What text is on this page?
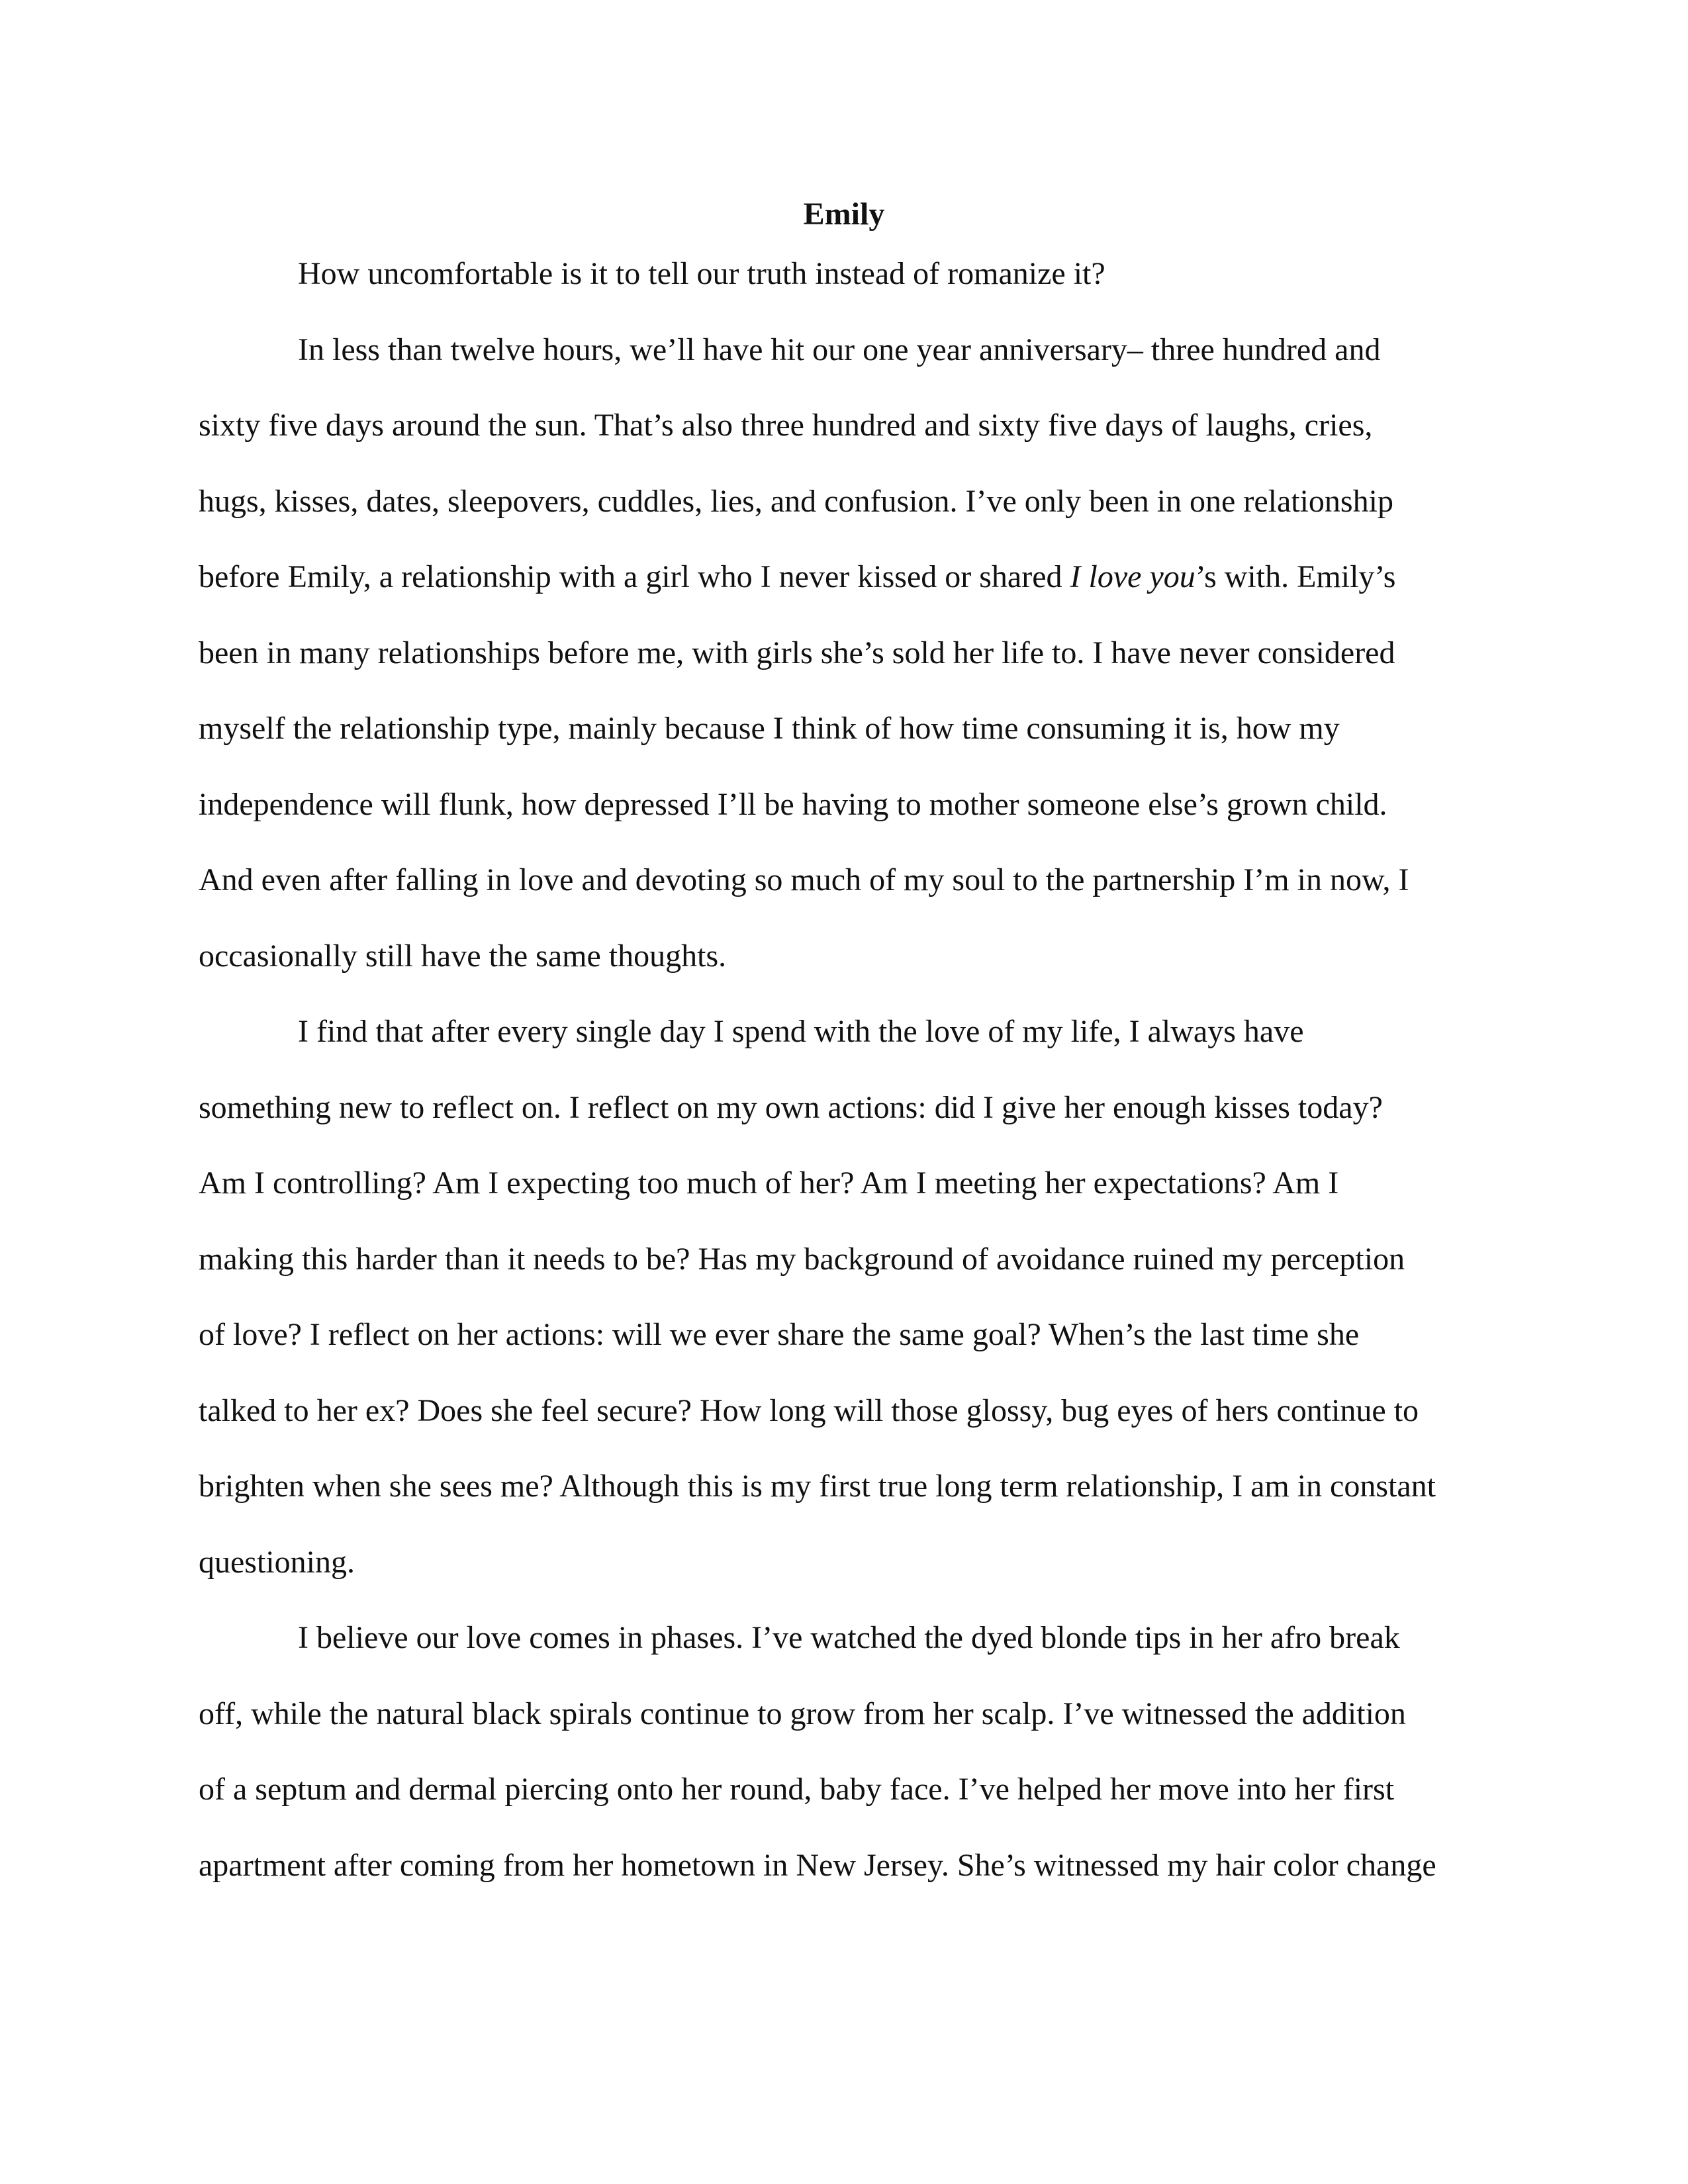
Emily
How uncomfortable is it to tell our truth instead of romanize it?
In less than twelve hours, we’ll have hit our one year anniversary– three hundred and
sixty five days around the sun. That’s also three hundred and sixty five days of laughs, cries,
hugs, kisses, dates, sleepovers, cuddles, lies, and confusion. I’ve only been in one relationship
before Emily, a relationship with a girl who I never kissed or shared I love you’s with. Emily’s
been in many relationships before me, with girls she’s sold her life to. I have never considered
myself the relationship type, mainly because I think of how time consuming it is, how my
independence will flunk, how depressed I’ll be having to mother someone else’s grown child.
And even after falling in love and devoting so much of my soul to the partnership I’m in now, I
occasionally still have the same thoughts.
I find that after every single day I spend with the love of my life, I always have
something new to reflect on. I reflect on my own actions: did I give her enough kisses today?
Am I controlling? Am I expecting too much of her? Am I meeting her expectations? Am I
making this harder than it needs to be? Has my background of avoidance ruined my perception
of love? I reflect on her actions: will we ever share the same goal? When’s the last time she
talked to her ex? Does she feel secure? How long will those glossy, bug eyes of hers continue to
brighten when she sees me? Although this is my first true long term relationship, I am in constant
questioning.
I believe our love comes in phases. I’ve watched the dyed blonde tips in her afro break
off, while the natural black spirals continue to grow from her scalp. I’ve witnessed the addition
of a septum and dermal piercing onto her round, baby face. I’ve helped her move into her first
apartment after coming from her hometown in New Jersey. She’s witnessed my hair color change
